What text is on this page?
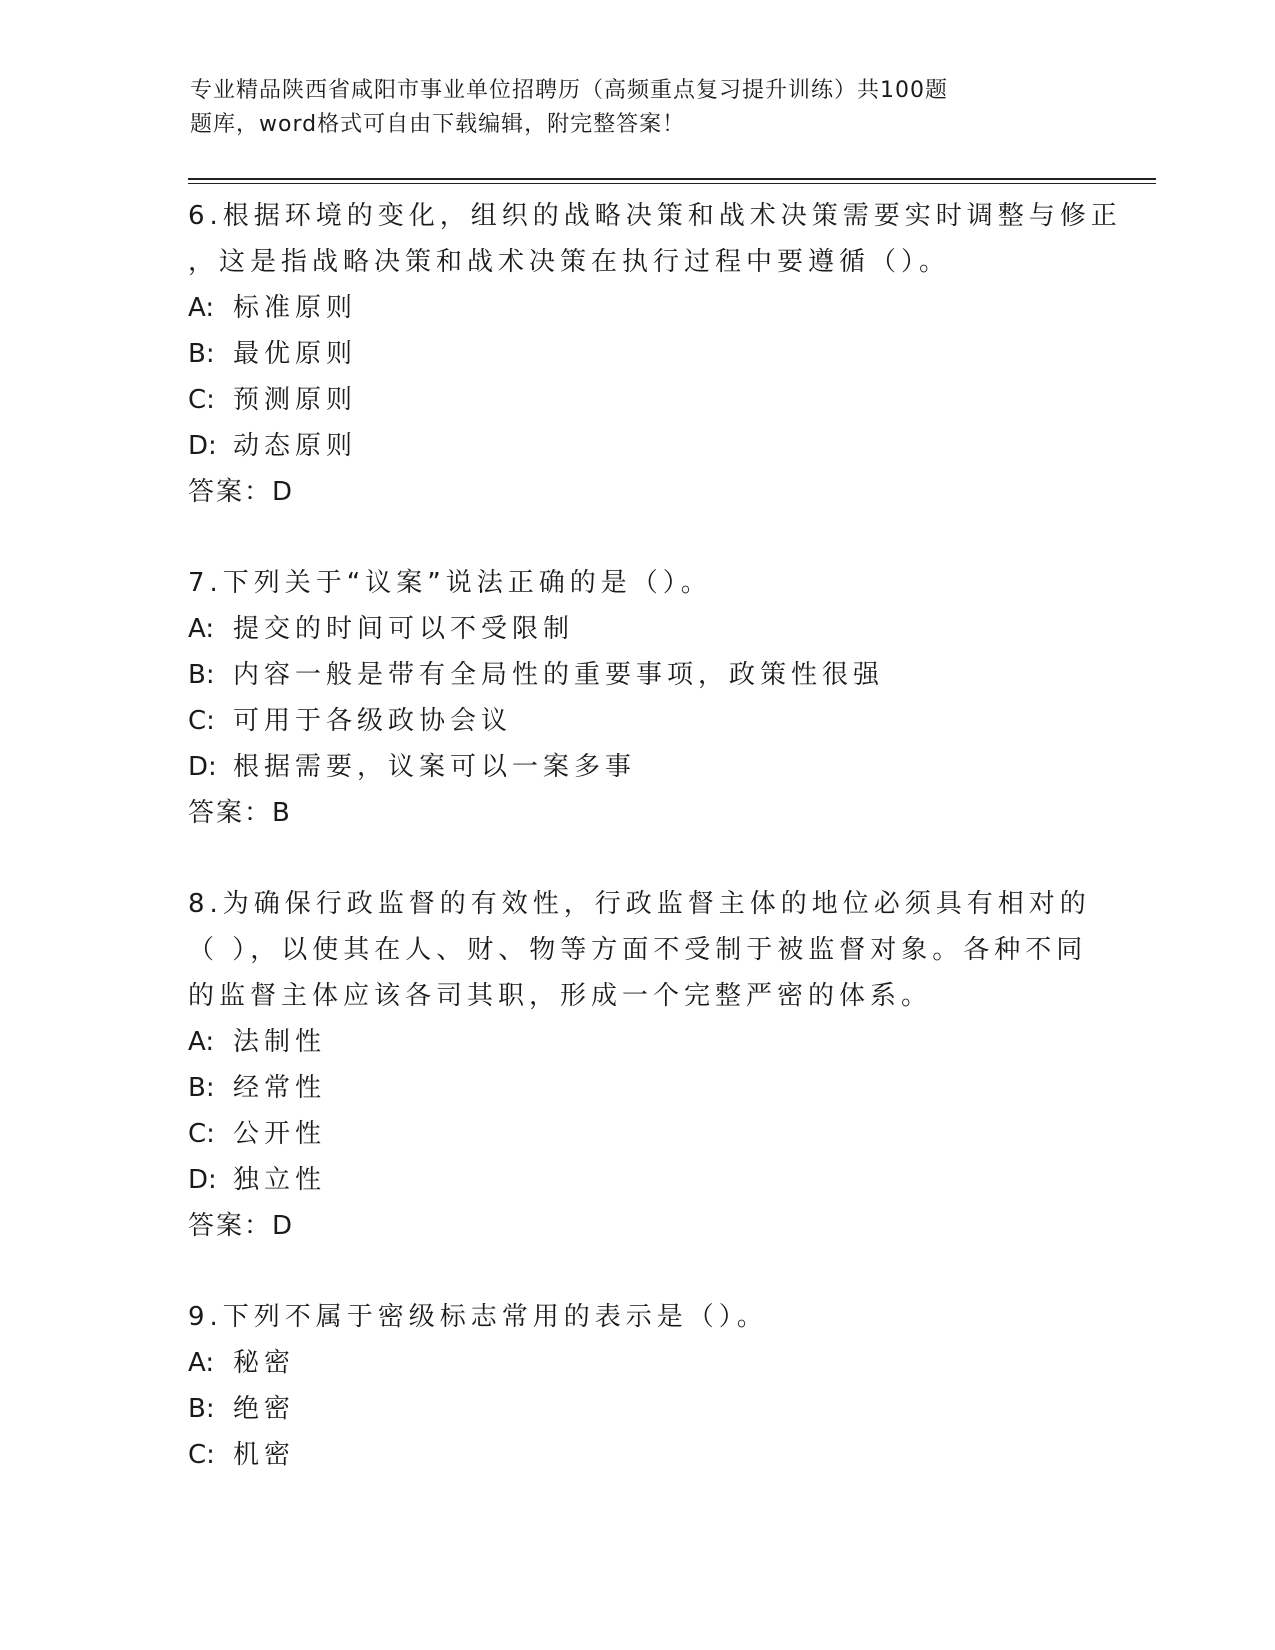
专业精品陕西省咸阳市事业单位招聘历（高频重点复习提升训练）共100题
题库，word格式可自由下载编辑，附完整答案！
6.根据环境的变化，组织的战略决策和战术决策需要实时调整与修正
，这是指战略决策和战术决策在执行过程中要遵循（）。
A: 标准原则
B: 最优原则
C: 预测原则
D: 动态原则
答案：D
7.下列关于“议案”说法正确的是（）。
A: 提交的时间可以不受限制
B: 内容一般是带有全局性的重要事项，政策性很强
C: 可用于各级政协会议
D: 根据需要，议案可以一案多事
答案：B
8.为确保行政监督的有效性，行政监督主体的地位必须具有相对的
（ ），以使其在人、财、物等方面不受制于被监督对象。各种不同
的监督主体应该各司其职，形成一个完整严密的体系。
A: 法制性
B: 经常性
C: 公开性
D: 独立性
答案：D
9.下列不属于密级标志常用的表示是（）。
A: 秘密
B: 绝密
C: 机密
